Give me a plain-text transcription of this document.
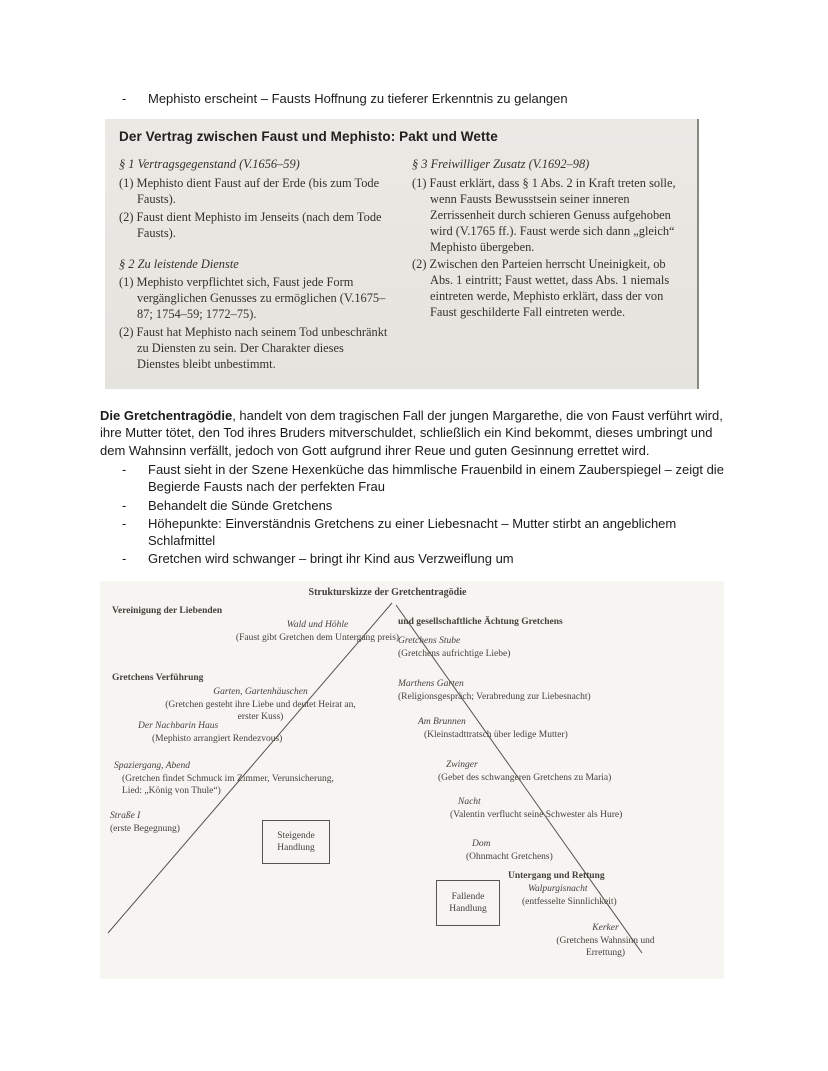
-	Mephisto erscheint – Fausts Hoffnung zu tieferer Erkenntnis zu gelangen
Der Vertrag zwischen Faust und Mephisto: Pakt und Wette
§ 1 Vertragsgegenstand (V.1656–59)
(1) Mephisto dient Faust auf der Erde (bis zum Tode Fausts).
(2) Faust dient Mephisto im Jenseits (nach dem Tode Fausts).
§ 2 Zu leistende Dienste
(1) Mephisto verpflichtet sich, Faust jede Form vergänglichen Genusses zu ermöglichen (V.1675–87; 1754–59; 1772–75).
(2) Faust hat Mephisto nach seinem Tod unbeschränkt zu Diensten zu sein. Der Charakter dieses Dienstes bleibt unbestimmt.
§ 3 Freiwilliger Zusatz (V.1692–98)
(1) Faust erklärt, dass § 1 Abs. 2 in Kraft treten solle, wenn Fausts Bewusstsein seiner inneren Zerrissenheit durch schieren Genuss aufgehoben wird (V.1765 ff.). Faust werde sich dann „gleich“ Mephisto übergeben.
(2) Zwischen den Parteien herrscht Uneinigkeit, ob Abs. 1 eintritt; Faust wettet, dass Abs. 1 niemals eintreten werde, Mephisto erklärt, dass der von Faust geschilderte Fall eintreten werde.

Die Gretchentragödie, handelt von dem tragischen Fall der jungen Margarethe, die von Faust verführt wird, ihre Mutter tötet, den Tod ihres Bruders mitverschuldet, schließlich ein Kind bekommt, dieses umbringt und dem Wahnsinn verfällt, jedoch von Gott aufgrund ihrer Reue und guten Gesinnung errettet wird.

-	Faust sieht in der Szene Hexenküche das himmlische Frauenbild in einem Zauberspiegel – zeigt die Begierde Fausts nach der perfekten Frau
-	Behandelt die Sünde Gretchens
-	Höhepunkte: Einverständnis Gretchens zu einer Liebesnacht – Mutter stirbt an angeblichem Schlafmittel
-	Gretchen wird schwanger – bringt ihr Kind aus Verzweiflung um
Strukturskizze der Gretchentragödie
Vereinigung der Liebenden
Wald und Höhle
(Faust gibt Gretchen dem Untergang preis)
und gesellschaftliche Ächtung Gretchens
Gretchens Stube
(Gretchens aufrichtige Liebe)
Gretchens Verführung
Garten, Gartenhäuschen
(Gretchen gesteht ihre Liebe und deutet Heirat an, erster Kuss)
Marthens Garten
(Religionsgespräch; Verabredung zur Liebesnacht)
Der Nachbarin Haus
(Mephisto arrangiert Rendezvous)
Am Brunnen
(Kleinstadttratsch über ledige Mutter)
Spaziergang, Abend
(Gretchen findet Schmuck im Zimmer, Verunsicherung, Lied: „König von Thule“)
Zwinger
(Gebet des schwangeren Gretchens zu Maria)
Straße I
(erste Begegnung)
Nacht
(Valentin verflucht seine Schwester als Hure)
Steigende Handlung	Dom
(Ohnmacht Gretchens)
Untergang und Rettung
Fallende Handlung
Walpurgisnacht
(entfesselte Sinnlichkeit)
Kerker
(Gretchens Wahnsinn und Errettung)
